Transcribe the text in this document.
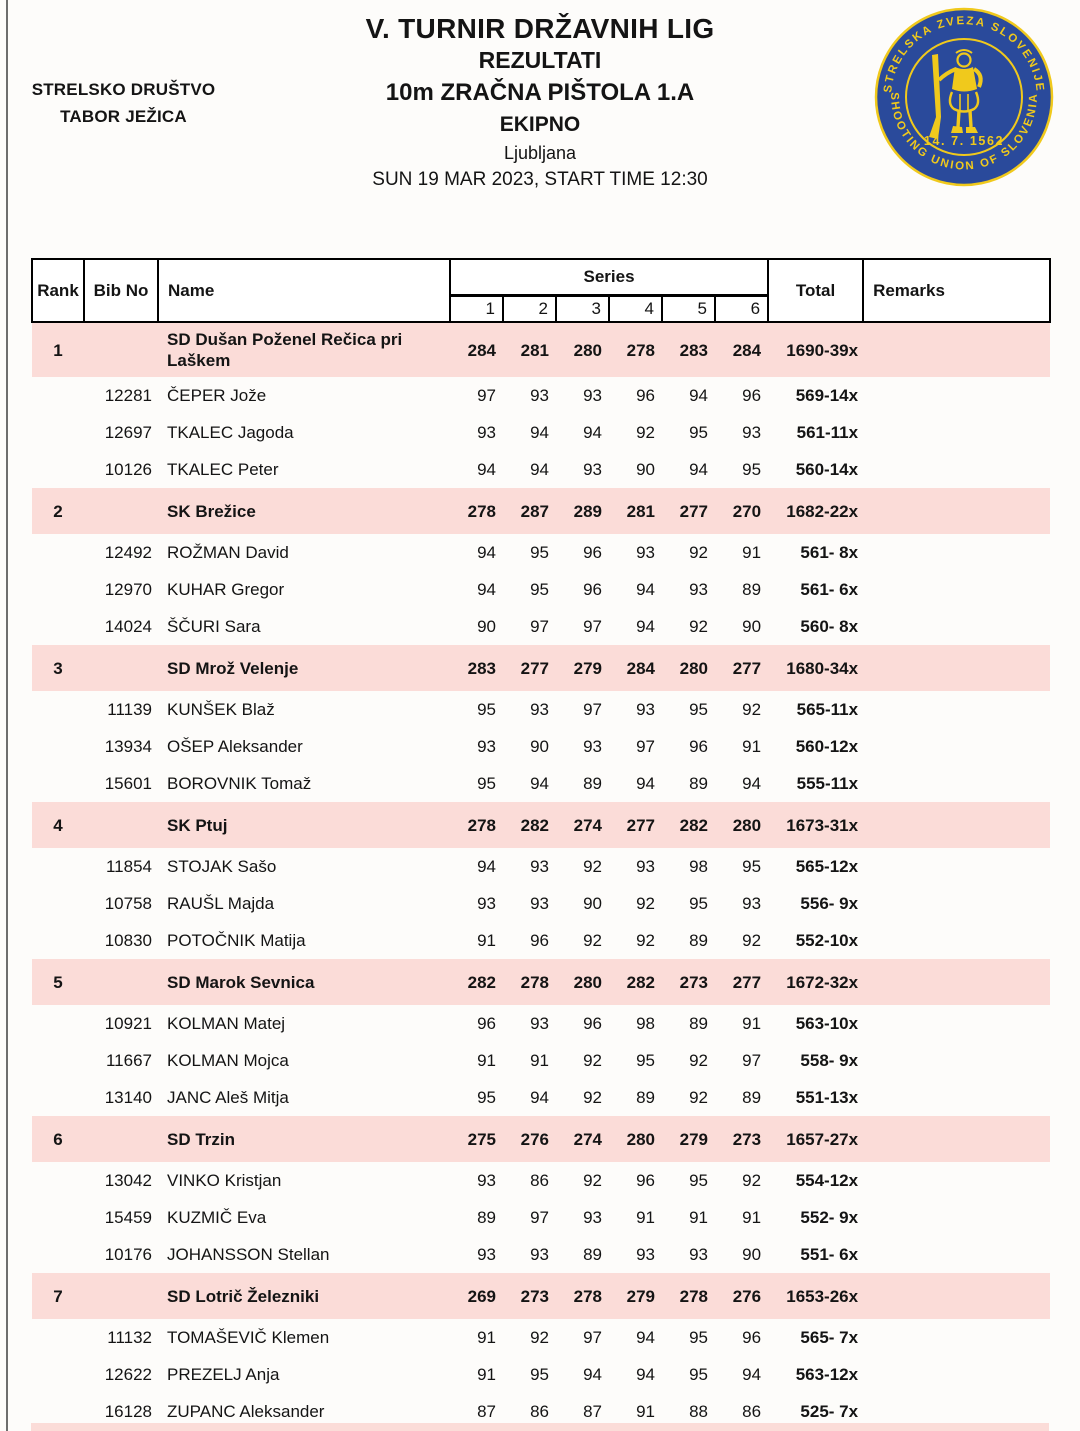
STRELSKO DRUŠTVO
TABOR JEŽICA
V. TURNIR DRŽAVNIH LIG
REZULTATI
10m ZRAČNA PIŠTOLA 1.A
EKIPNO
Ljubljana
SUN 19 MAR 2023, START TIME 12:30
STRELSKA ZVEZA SLOVENIJE
SHOOTING UNION OF SLOVENIA
14. 7. 1562
Rank	Bib No	Name	Series						Total	Remarks
			1	2	3	4	5	6		
1		SD Dušan Poženel Rečica pri Laškem	284	281	280	278	283	284	1690-39x	
	12281	ČEPER Jože	97	93	93	96	94	96	569-14x	
	12697	TKALEC Jagoda	93	94	94	92	95	93	561-11x	
	10126	TKALEC Peter	94	94	93	90	94	95	560-14x	
2		SK Brežice	278	287	289	281	277	270	1682-22x	
	12492	ROŽMAN David	94	95	96	93	92	91	561- 8x	
	12970	KUHAR Gregor	94	95	96	94	93	89	561- 6x	
	14024	ŠČURI Sara	90	97	97	94	92	90	560- 8x	
3		SD Mrož Velenje	283	277	279	284	280	277	1680-34x	
	11139	KUNŠEK Blaž	95	93	97	93	95	92	565-11x	
	13934	OŠEP Aleksander	93	90	93	97	96	91	560-12x	
	15601	BOROVNIK Tomaž	95	94	89	94	89	94	555-11x	
4		SK Ptuj	278	282	274	277	282	280	1673-31x	
	11854	STOJAK Sašo	94	93	92	93	98	95	565-12x	
	10758	RAUŠL Majda	93	93	90	92	95	93	556- 9x	
	10830	POTOČNIK Matija	91	96	92	92	89	92	552-10x	
5		SD Marok Sevnica	282	278	280	282	273	277	1672-32x	
	10921	KOLMAN Matej	96	93	96	98	89	91	563-10x	
	11667	KOLMAN Mojca	91	91	92	95	92	97	558- 9x	
	13140	JANC Aleš Mitja	95	94	92	89	92	89	551-13x	
6		SD Trzin	275	276	274	280	279	273	1657-27x	
	13042	VINKO Kristjan	93	86	92	96	95	92	554-12x	
	15459	KUZMIČ Eva	89	97	93	91	91	91	552- 9x	
	10176	JOHANSSON Stellan	93	93	89	93	93	90	551- 6x	
7		SD Lotrič Železniki	269	273	278	279	278	276	1653-26x	
	11132	TOMAŠEVIČ Klemen	91	92	97	94	95	96	565- 7x	
	12622	PREZELJ Anja	91	95	94	94	95	94	563-12x	
	16128	ZUPANC Aleksander	87	86	87	91	88	86	525- 7x	
